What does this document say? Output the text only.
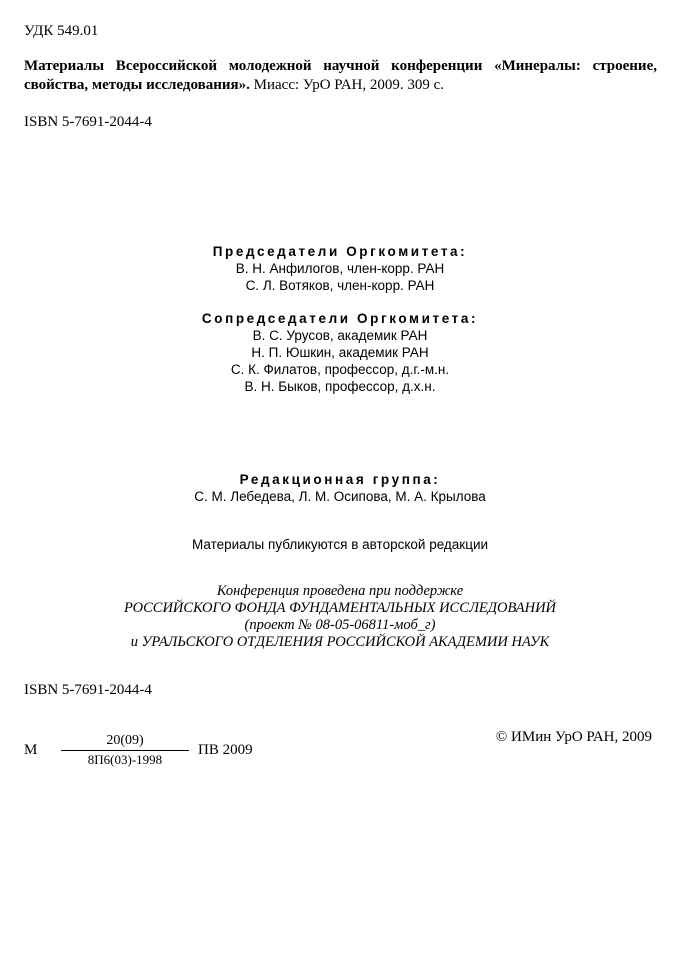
УДК 549.01
Материалы Всероссийской молодежной научной конференции «Минералы: строение, свойства, методы исследования». Миасс: УрО РАН, 2009. 309 с.
ISBN 5-7691-2044-4
Председатели Оргкомитета:
В. Н. Анфилогов, член-корр. РАН
С. Л. Вотяков, член-корр. РАН
Сопредседатели Оргкомитета:
В. С. Урусов, академик РАН
Н. П. Юшкин, академик РАН
С. К. Филатов, профессор, д.г.-м.н.
В. Н. Быков, профессор, д.х.н.
Редакционная группа:
С. М. Лебедева, Л. М. Осипова, М. А. Крылова
Материалы публикуются в авторской редакции
Конференция проведена при поддержке
РОССИЙСКОГО ФОНДА ФУНДАМЕНТАЛЬНЫХ ИССЛЕДОВАНИЙ
(проект № 08-05-06811-моб_г)
и УРАЛЬСКОГО ОТДЕЛЕНИЯ РОССИЙСКОЙ АКАДЕМИИ НАУК
ISBN 5-7691-2044-4
М
20(09)
8П6(03)-1998
ПВ 2009
© ИМин УрО РАН, 2009
